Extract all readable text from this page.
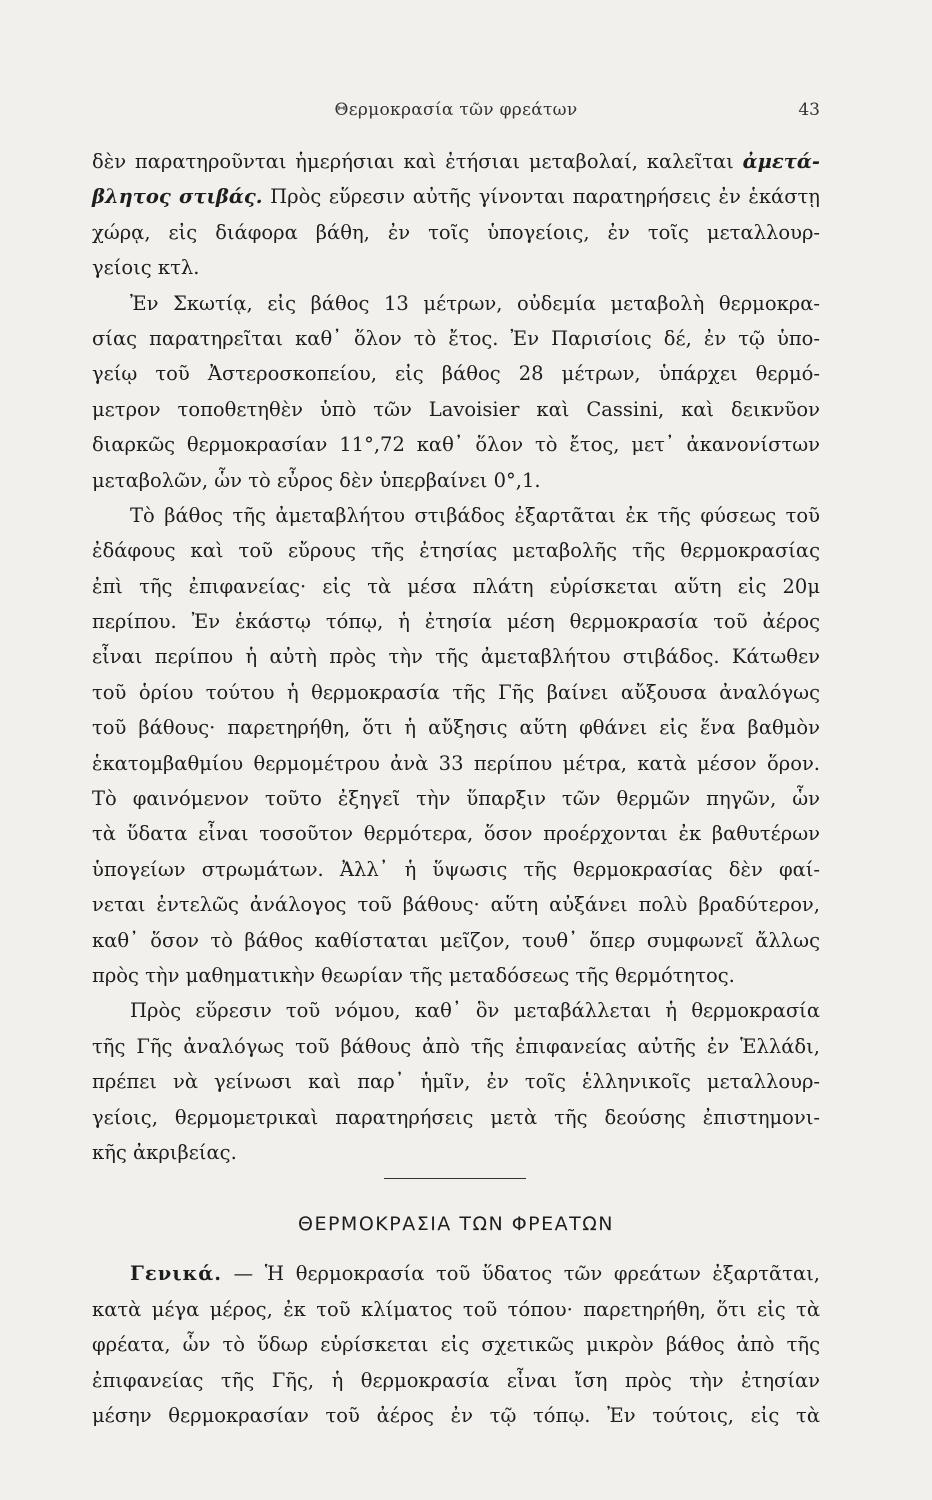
Θερμοκρασία τῶν φρεάτων	43
δὲν παρατηροῦνται ἡμερήσιαι καὶ ἐτήσιαι μεταβολαί, καλεῖται ἀμετά-
βλητος στιβάς. Πρὸς εὕρεσιν αὐτῆς γίνονται παρατηρήσεις ἐν ἑκάστῃ
χώρᾳ, εἰς διάφορα βάθη, ἐν τοῖς ὑπογείοις, ἐν τοῖς μεταλλουρ-
γείοις κτλ.
Ἐν Σκωτίᾳ, εἰς βάθος 13 μέτρων, οὐδεμία μεταβολὴ θερμοκρα-
σίας παρατηρεῖται καθ᾽ ὅλον τὸ ἔτος. Ἐν Παρισίοις δέ, ἐν τῷ ὑπο-
γείῳ τοῦ Ἀστεροσκοπείου, εἰς βάθος 28 μέτρων, ὑπάρχει θερμό-
μετρον τοποθετηθὲν ὑπὸ τῶν Lavoisier καὶ Cassini, καὶ δεικνῦον
διαρκῶς θερμοκρασίαν 11°,72 καθ᾽ ὅλον τὸ ἔτος, μετ᾽ ἀκανονίστων
μεταβολῶν, ὧν τὸ εὖρος δὲν ὑπερβαίνει 0°,1.
Τὸ βάθος τῆς ἀμεταβλήτου στιβάδος ἐξαρτᾶται ἐκ τῆς φύσεως τοῦ
ἐδάφους καὶ τοῦ εὔρους τῆς ἐτησίας μεταβολῆς τῆς θερμοκρασίας
ἐπὶ τῆς ἐπιφανείας· εἰς τὰ μέσα πλάτη εὑρίσκεται αὕτη εἰς 20μ
περίπου. Ἐν ἑκάστῳ τόπῳ, ἡ ἐτησία μέση θερμοκρασία τοῦ ἀέρος
εἶναι περίπου ἡ αὐτὴ πρὸς τὴν τῆς ἀμεταβλήτου στιβάδος. Κάτωθεν
τοῦ ὁρίου τούτου ἡ θερμοκρασία τῆς Γῆς βαίνει αὔξουσα ἀναλόγως
τοῦ βάθους· παρετηρήθη, ὅτι ἡ αὔξησις αὕτη φθάνει εἰς ἕνα βαθμὸν
ἑκατομβαθμίου θερμομέτρου ἀνὰ 33 περίπου μέτρα, κατὰ μέσον ὅρον.
Τὸ φαινόμενον τοῦτο ἐξηγεῖ τὴν ὕπαρξιν τῶν θερμῶν πηγῶν, ὧν
τὰ ὕδατα εἶναι τοσοῦτον θερμότερα, ὅσον προέρχονται ἐκ βαθυτέρων
ὑπογείων στρωμάτων. Ἀλλ᾽ ἡ ὕψωσις τῆς θερμοκρασίας δὲν φαί-
νεται ἐντελῶς ἀνάλογος τοῦ βάθους· αὕτη αὐξάνει πολὺ βραδύτερον,
καθ᾽ ὅσον τὸ βάθος καθίσταται μεῖζον, τουθ᾽ ὅπερ συμφωνεῖ ἄλλως
πρὸς τὴν μαθηματικὴν θεωρίαν τῆς μεταδόσεως τῆς θερμότητος.
Πρὸς εὕρεσιν τοῦ νόμου, καθ᾽ ὃν μεταβάλλεται ἡ θερμοκρασία
τῆς Γῆς ἀναλόγως τοῦ βάθους ἀπὸ τῆς ἐπιφανείας αὐτῆς ἐν Ἑλλάδι,
πρέπει νὰ γείνωσι καὶ παρ᾽ ἡμῖν, ἐν τοῖς ἑλληνικοῖς μεταλλουρ-
γείοις, θερμομετρικαὶ παρατηρήσεις μετὰ τῆς δεούσης ἐπιστημονι-
κῆς ἀκριβείας.
ΘΕΡΜΟΚΡΑΣΙΑ ΤΩΝ ΦΡΕΑΤΩΝ
Γενικά. — Ἡ θερμοκρασία τοῦ ὕδατος τῶν φρεάτων ἐξαρτᾶται,
κατὰ μέγα μέρος, ἐκ τοῦ κλίματος τοῦ τόπου· παρετηρήθη, ὅτι εἰς τὰ
φρέατα, ὧν τὸ ὕδωρ εὑρίσκεται εἰς σχετικῶς μικρὸν βάθος ἀπὸ τῆς
ἐπιφανείας τῆς Γῆς, ἡ θερμοκρασία εἶναι ἴση πρὸς τὴν ἐτησίαν
μέσην θερμοκρασίαν τοῦ ἀέρος ἐν τῷ τόπῳ. Ἐν τούτοις, εἰς τὰ
